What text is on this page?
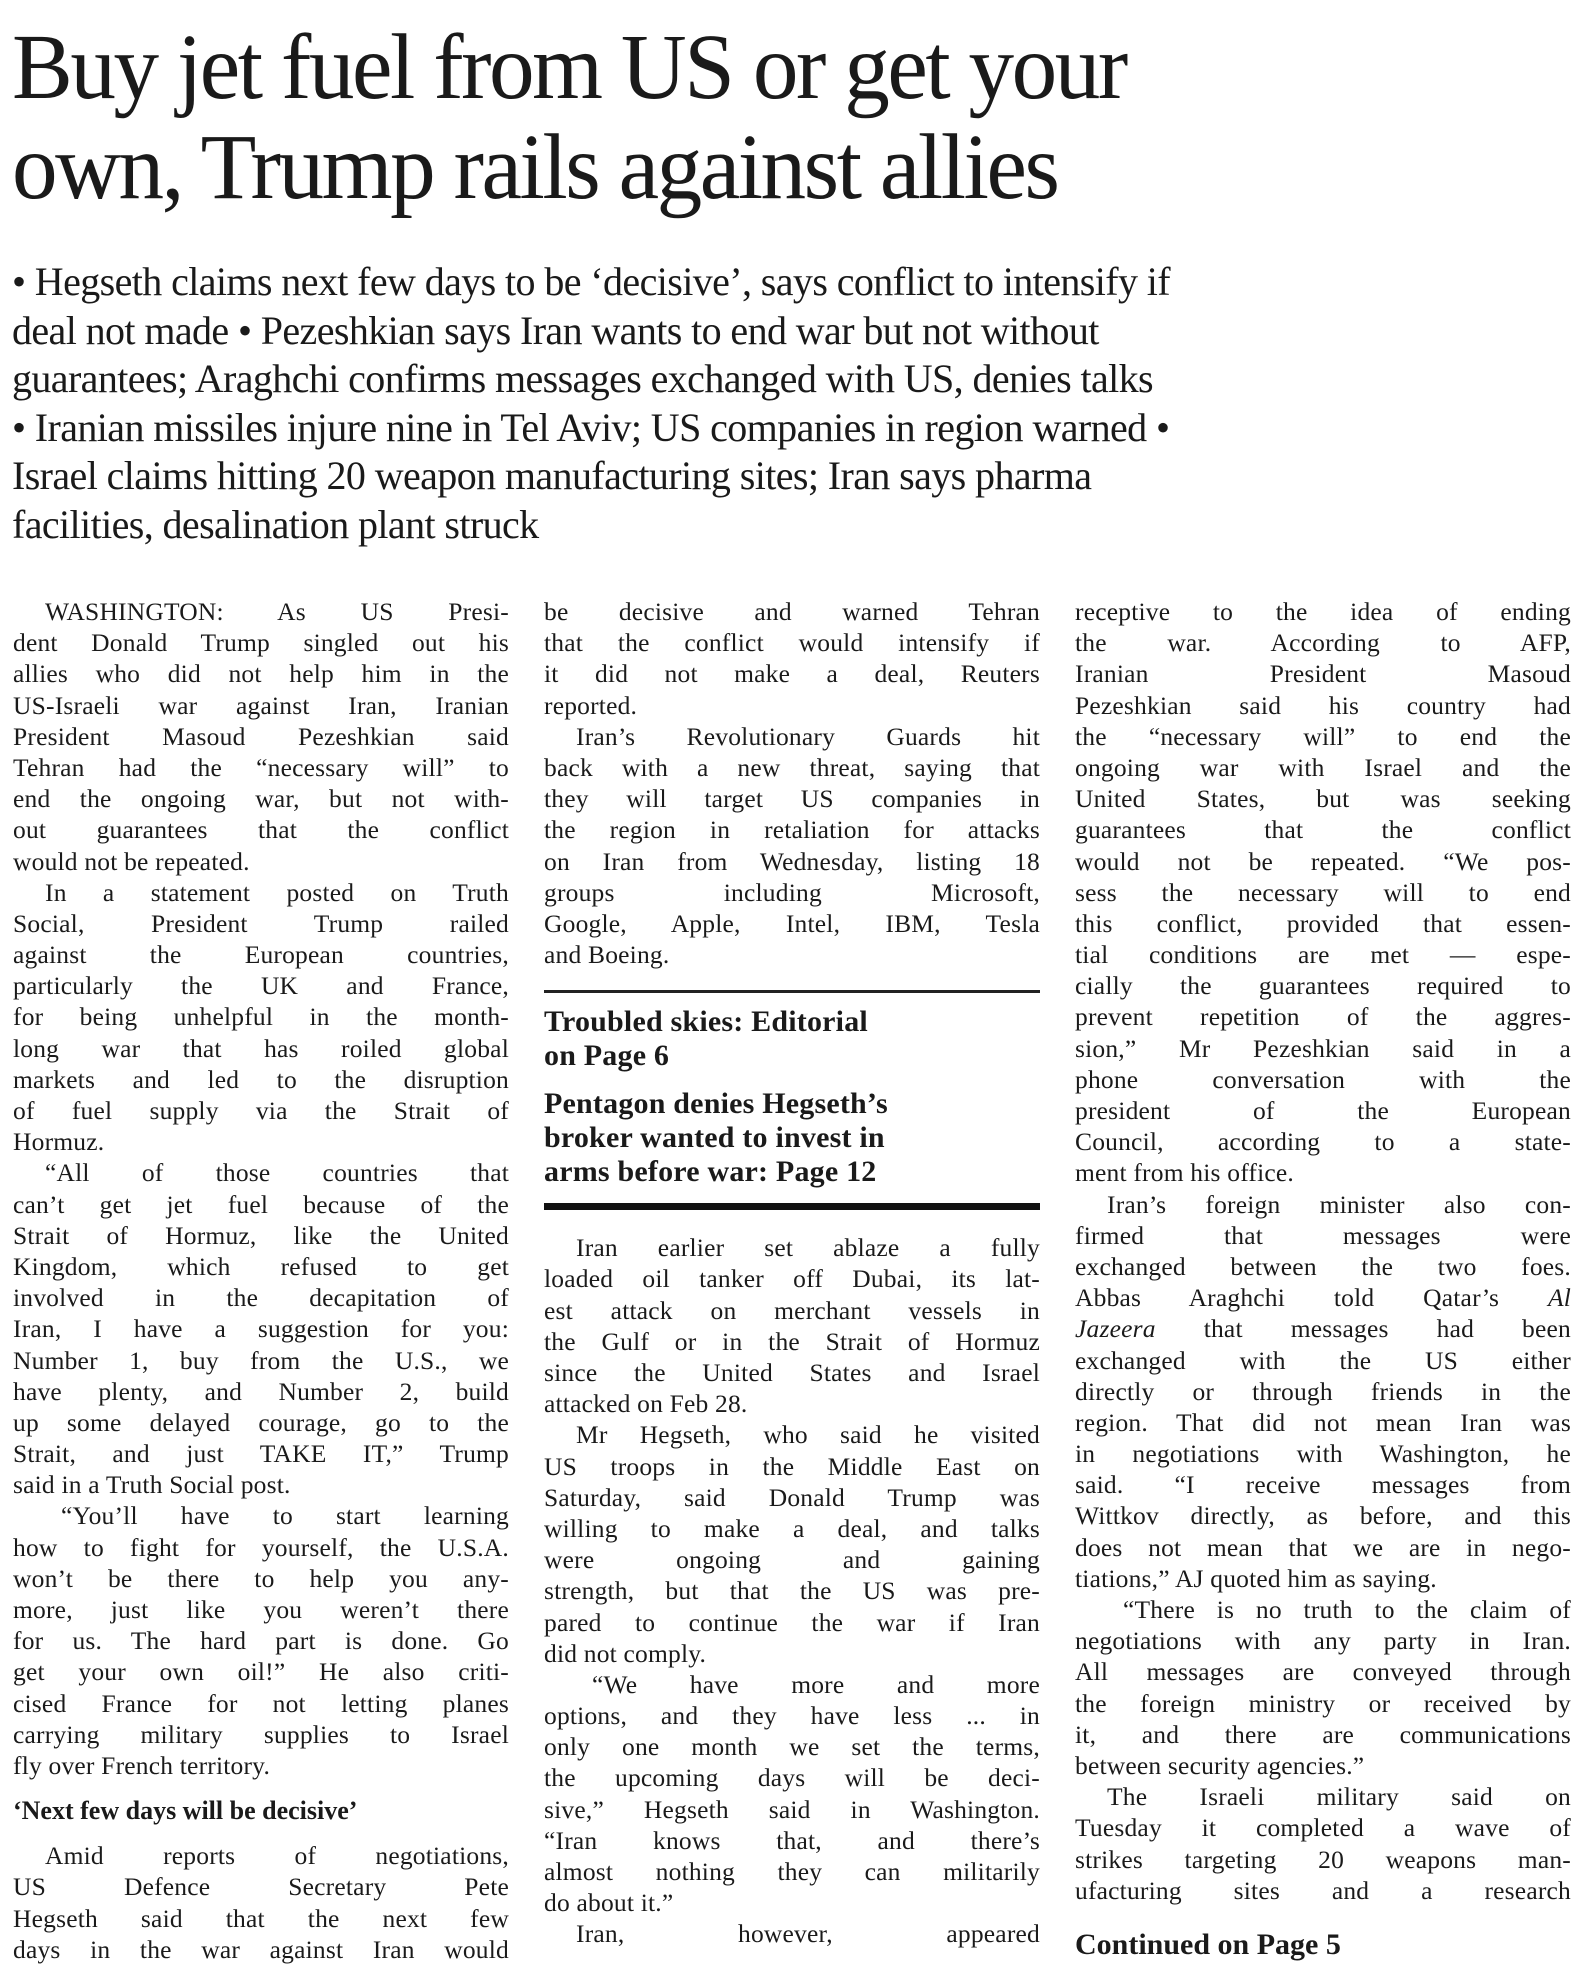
Buy jet fuel from US or get your
own, Trump rails against allies
• Hegseth claims next few days to be ‘decisive’, says conflict to intensify if
deal not made • Pezeshkian says Iran wants to end war but not without
guarantees; Araghchi confirms messages exchanged with US, denies talks
• Iranian missiles injure nine in Tel Aviv; US companies in region warned •
Israel claims hitting 20 weapon manufacturing sites; Iran says pharma
facilities, desalination plant struck
WASHINGTON: As US Presi-
dent Donald Trump singled out his
allies who did not help him in the
US-Israeli war against Iran, Iranian
President Masoud Pezeshkian said
Tehran had the “necessary will” to
end the ongoing war, but not with-
out guarantees that the conflict
would not be repeated.
In a statement posted on Truth
Social, President Trump railed
against the European countries,
particularly the UK and France,
for being unhelpful in the month-
long war that has roiled global
markets and led to the disruption
of fuel supply via the Strait of
Hormuz.
“All of those countries that
can’t get jet fuel because of the
Strait of Hormuz, like the United
Kingdom, which refused to get
involved in the decapitation of
Iran, I have a suggestion for you:
Number 1, buy from the U.S., we
have plenty, and Number 2, build
up some delayed courage, go to the
Strait, and just TAKE IT,” Trump
said in a Truth Social post.
“You’ll have to start learning
how to fight for yourself, the U.S.A.
won’t be there to help you any-
more, just like you weren’t there
for us. The hard part is done. Go
get your own oil!” He also criti-
cised France for not letting planes
carrying military supplies to Israel
fly over French territory.
‘Next few days will be decisive’
Amid reports of negotiations,
US Defence Secretary Pete
Hegseth said that the next few
days in the war against Iran would
be decisive and warned Tehran
that the conflict would intensify if
it did not make a deal, Reuters
reported.
Iran’s Revolutionary Guards hit
back with a new threat, saying that
they will target US companies in
the region in retaliation for attacks
on Iran from Wednesday, listing 18
groups including Microsoft,
Google, Apple, Intel, IBM, Tesla
and Boeing.
Troubled skies: Editorial
on Page 6
Pentagon denies Hegseth’s
broker wanted to invest in
arms before war: Page 12
Iran earlier set ablaze a fully
loaded oil tanker off Dubai, its lat-
est attack on merchant vessels in
the Gulf or in the Strait of Hormuz
since the United States and Israel
attacked on Feb 28.
Mr Hegseth, who said he visited
US troops in the Middle East on
Saturday, said Donald Trump was
willing to make a deal, and talks
were ongoing and gaining
strength, but that the US was pre-
pared to continue the war if Iran
did not comply.
“We have more and more
options, and they have less ... in
only one month we set the terms,
the upcoming days will be deci-
sive,” Hegseth said in Washington.
“Iran knows that, and there’s
almost nothing they can militarily
do about it.”
Iran, however, appeared
receptive to the idea of ending
the war. According to AFP,
Iranian President Masoud
Pezeshkian said his country had
the “necessary will” to end the
ongoing war with Israel and the
United States, but was seeking
guarantees that the conflict
would not be repeated. “We pos-
sess the necessary will to end
this conflict, provided that essen-
tial conditions are met — espe-
cially the guarantees required to
prevent repetition of the aggres-
sion,” Mr Pezeshkian said in a
phone conversation with the
president of the European
Council, according to a state-
ment from his office.
Iran’s foreign minister also con-
firmed that messages were
exchanged between the two foes.
Abbas Araghchi told Qatar’s Al
Jazeera that messages had been
exchanged with the US either
directly or through friends in the
region. That did not mean Iran was
in negotiations with Washington, he
said. “I receive messages from
Wittkov directly, as before, and this
does not mean that we are in nego-
tiations,” AJ quoted him as saying.
“There is no truth to the claim of
negotiations with any party in Iran.
All messages are conveyed through
the foreign ministry or received by
it, and there are communications
between security agencies.”
The Israeli military said on
Tuesday it completed a wave of
strikes targeting 20 weapons man-
ufacturing sites and a research
Continued on Page 5
